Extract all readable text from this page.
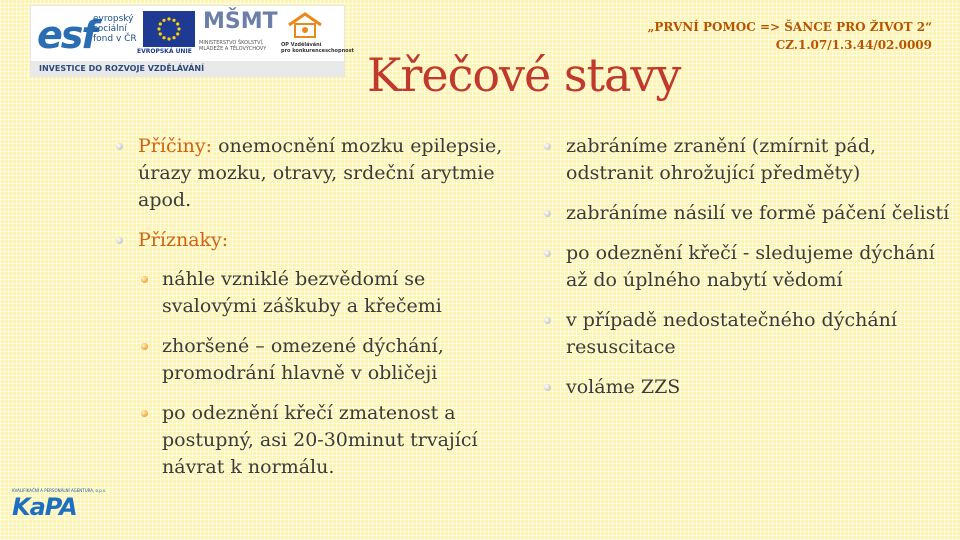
esf
evropský
sociální
fond v ČR
EVROPSKÁ UNIE
MŠMT
MINISTERSTVO ŠKOLSTVÍ,
MLÁDEŽE A TĚLOVÝCHOVY
OP Vzdělávání
pro konkurenceschopnost
INVESTICE DO ROZVOJE VZDĚLÁVÁNÍ
„PRVNÍ POMOC => ŠANCE PRO ŽIVOT 2“
CZ.1.07/1.3.44/02.0009
Křečové stavy
Příčiny: onemocnění mozku epilepsie, úrazy mozku, otravy, srdeční arytmie apod.
Příznaky:
náhle vzniklé bezvědomí se svalovými záškuby a křečemi
zhoršené – omezené dýchání, promodrání hlavně v obličeji
po odeznění křečí zmatenost a postupný, asi 20-30minut trvající návrat k normálu.
zabráníme zranění (zmírnit pád, odstranit ohrožující předměty)
zabráníme násilí ve formě páčení čelistí
po odeznění křečí - sledujeme dýchání až do úplného nabytí vědomí
v případě nedostatečného dýchání resuscitace
voláme ZZS
KVALIFIKAČNÍ A PERSONÁLNÍ AGENTURA, o.p.s.
KaPA
